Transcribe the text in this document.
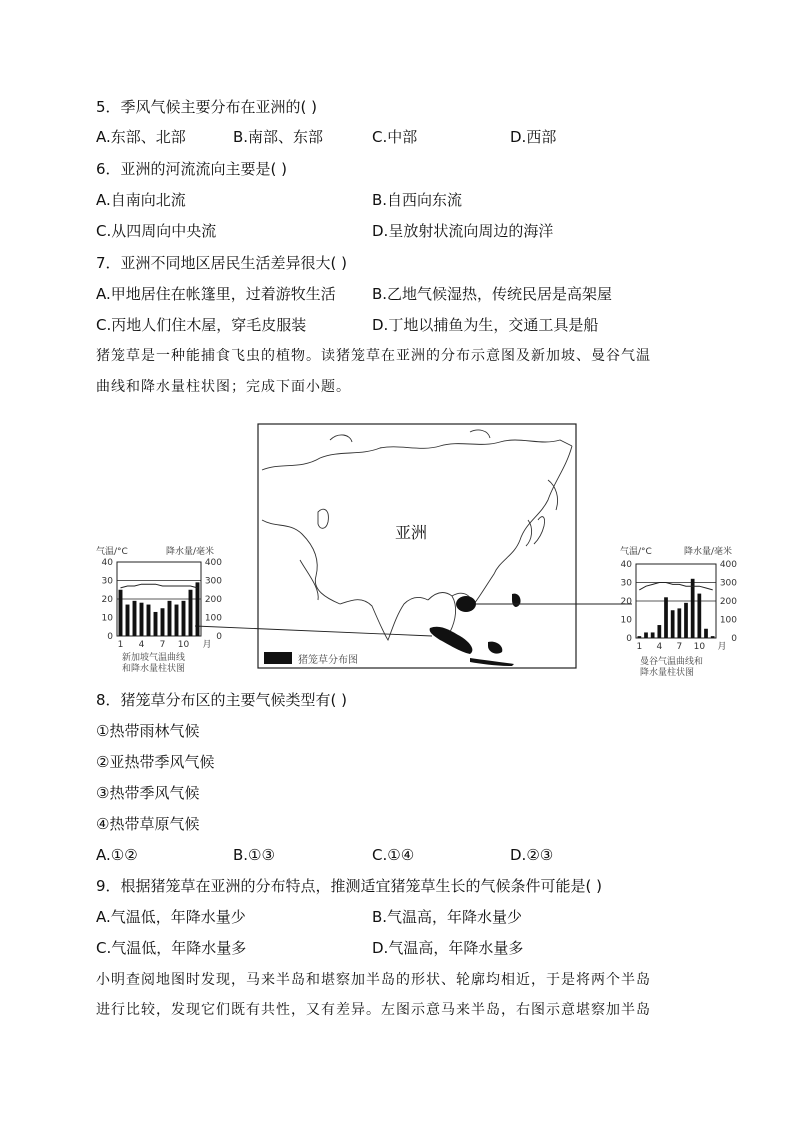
5．季风气候主要分布在亚洲的( )
A.东部、北部	B.南部、东部	C.中部	D.西部
6．亚洲的河流流向主要是( )
A.自南向北流	B.自西向东流
C.从四周向中央流	D.呈放射状流向周边的海洋
7．亚洲不同地区居民生活差异很大( )
A.甲地居住在帐篷里，过着游牧生活 B.乙地气候湿热，传统民居是高架屋
C.丙地人们住木屋，穿毛皮服装	D.丁地以捕鱼为生，交通工具是船
猪笼草是一种能捕食飞虫的植物。读猪笼草在亚洲的分布示意图及新加坡、曼谷气温
曲线和降水量柱状图；完成下面小题。
亚洲
猪笼草分布图
气温/°C	降水量/毫米
40
30
20
10
0
400
300
200
100
0
1 4 7 10 月
新加坡气温曲线
和降水量柱状图
气温/°C	降水量/毫米
40
30
20
10
0
400
300
200
100
0
1 4 7 10 月
曼谷气温曲线和
降水量柱状图
8．猪笼草分布区的主要气候类型有( )
①热带雨林气候
②亚热带季风气候
③热带季风气候
④热带草原气候
A.①②	B.①③	C.①④	D.②③
9．根据猪笼草在亚洲的分布特点，推测适宜猪笼草生长的气候条件可能是( )
A.气温低，年降水量少	B.气温高，年降水量少
C.气温低，年降水量多	D.气温高，年降水量多
小明查阅地图时发现，马来半岛和堪察加半岛的形状、轮廓均相近，于是将两个半岛
进行比较，发现它们既有共性，又有差异。左图示意马来半岛，右图示意堪察加半岛
